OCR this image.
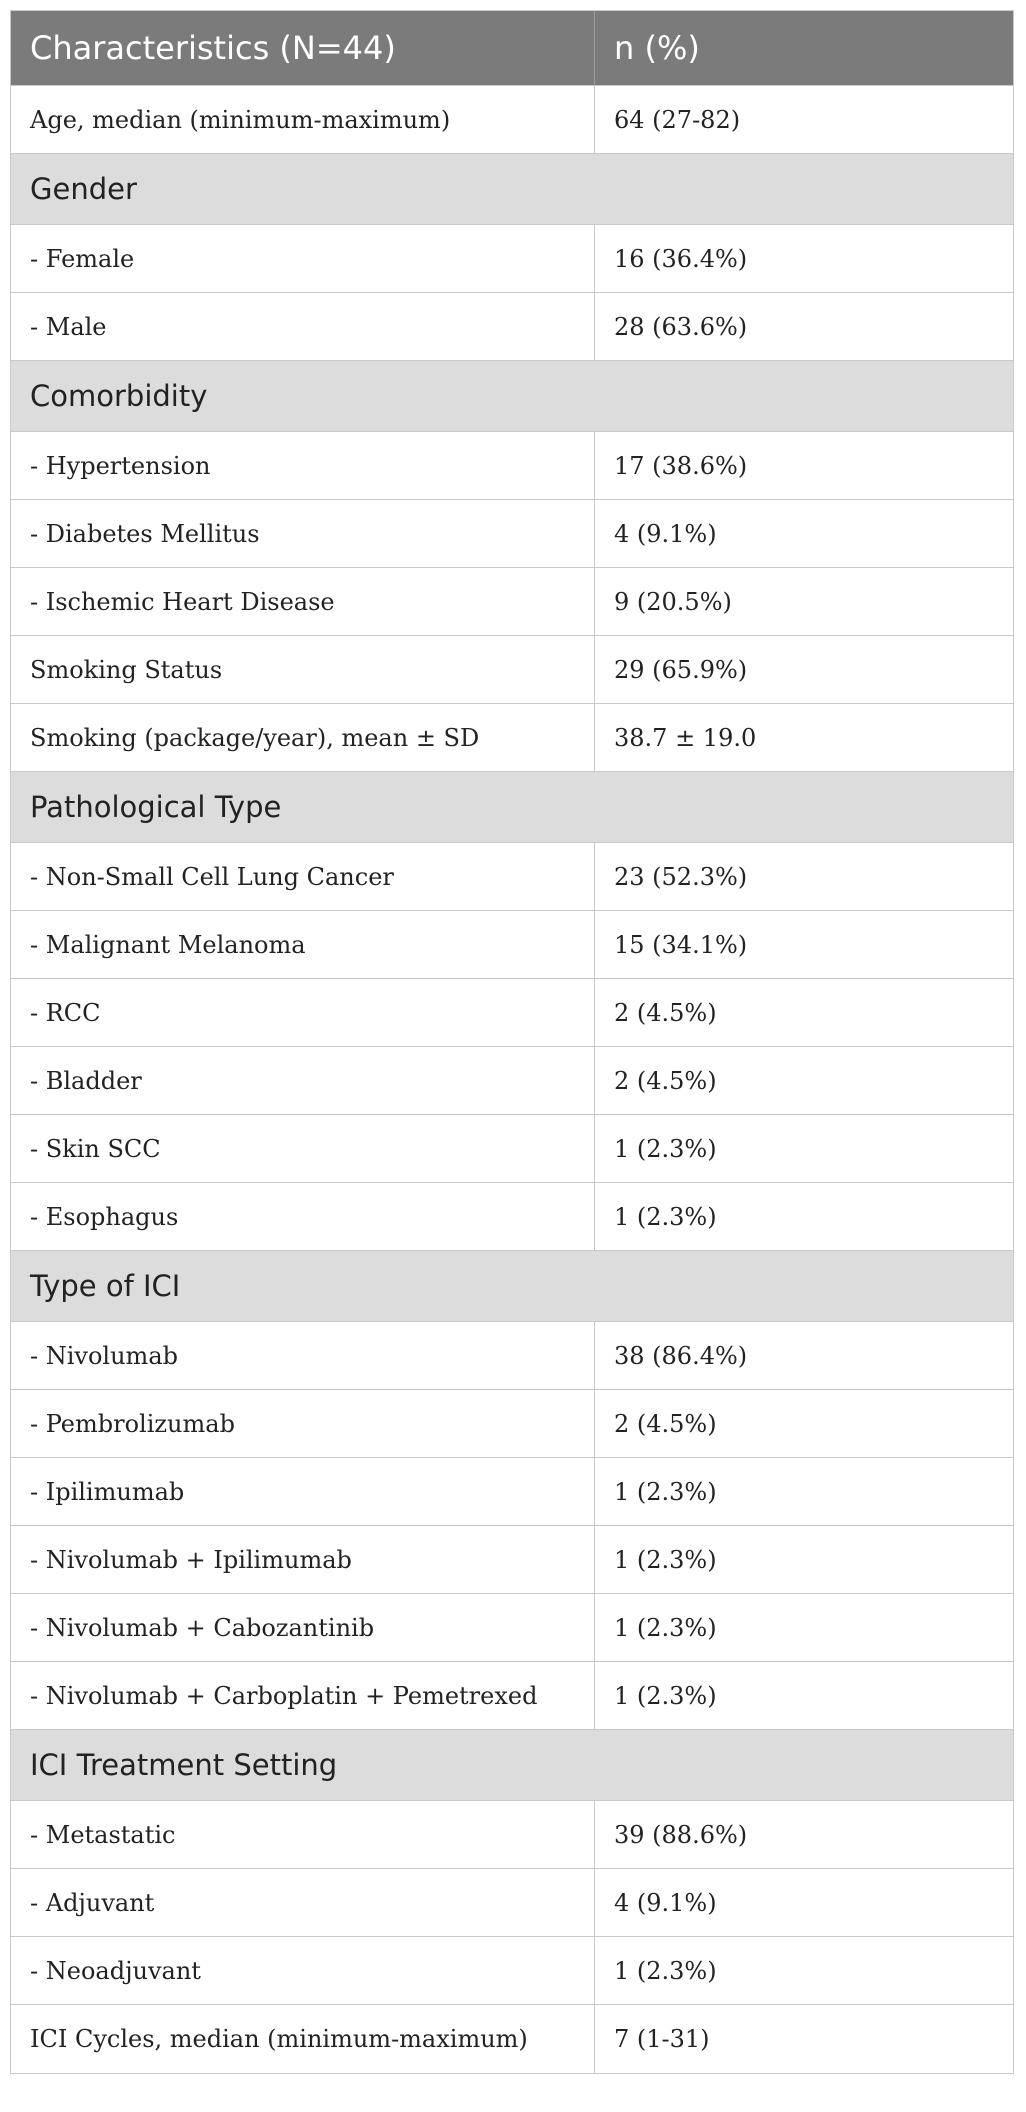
Characteristics (N=44)	n (%)
Age, median (minimum-maximum)	64 (27-82)
Gender
- Female	16 (36.4%)
- Male	28 (63.6%)
Comorbidity
- Hypertension	17 (38.6%)
- Diabetes Mellitus	4 (9.1%)
- Ischemic Heart Disease	9 (20.5%)
Smoking Status	29 (65.9%)
Smoking (package/year), mean ± SD	38.7 ± 19.0
Pathological Type
- Non-Small Cell Lung Cancer	23 (52.3%)
- Malignant Melanoma	15 (34.1%)
- RCC	2 (4.5%)
- Bladder	2 (4.5%)
- Skin SCC	1 (2.3%)
- Esophagus	1 (2.3%)
Type of ICI
- Nivolumab	38 (86.4%)
- Pembrolizumab	2 (4.5%)
- Ipilimumab	1 (2.3%)
- Nivolumab + Ipilimumab	1 (2.3%)
- Nivolumab + Cabozantinib	1 (2.3%)
- Nivolumab + Carboplatin + Pemetrexed	1 (2.3%)
ICI Treatment Setting
- Metastatic	39 (88.6%)
- Adjuvant	4 (9.1%)
- Neoadjuvant	1 (2.3%)
ICI Cycles, median (minimum-maximum)	7 (1-31)
